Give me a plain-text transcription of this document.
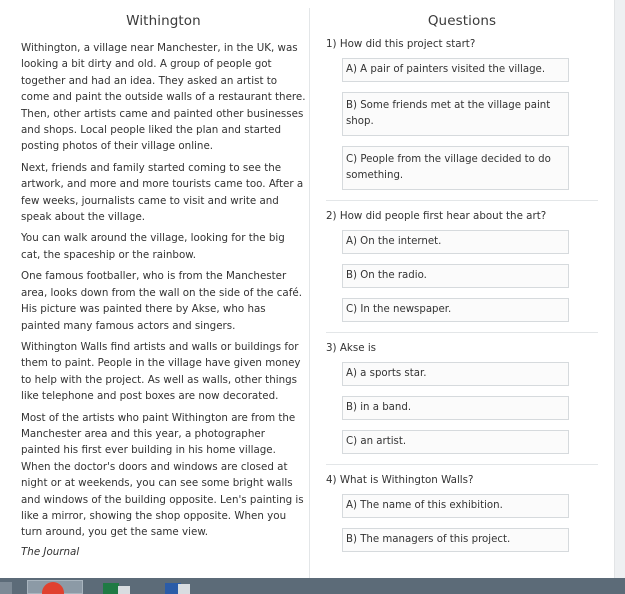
Withington

Withington, a village near Manchester, in the UK, was looking a bit dirty and old. A group of people got together and had an idea. They asked an artist to come and paint the outside walls of a restaurant there. Then, other artists came and painted other businesses and shops. Local people liked the plan and started posting photos of their village online.

Next, friends and family started coming to see the artwork, and more and more tourists came too. After a few weeks, journalists came to visit and write and speak about the village.

You can walk around the village, looking for the big cat, the spaceship or the rainbow.

One famous footballer, who is from the Manchester area, looks down from the wall on the side of the café. His picture was painted there by Akse, who has painted many famous actors and singers.

Withington Walls find artists and walls or buildings for them to paint. People in the village have given money to help with the project. As well as walls, other things like telephone and post boxes are now decorated.

Most of the artists who paint Withington are from the Manchester area and this year, a photographer painted his first ever building in his home village. When the doctor's doors and windows are closed at night or at weekends, you can see some bright walls and windows of the building opposite. Len's painting is like a mirror, showing the shop opposite. When you turn around, you get the same view.

The Journal
Questions
1) How did this project start?
A) A pair of painters visited the village.
B) Some friends met at the village paint shop.
C) People from the village decided to do something.
2) How did people first hear about the art?
A) On the internet.
B) On the radio.
C) In the newspaper.
3) Akse is
A) a sports star.
B) in a band.
C) an artist.
4) What is Withington Walls?
A) The name of this exhibition.
B) The managers of this project.
